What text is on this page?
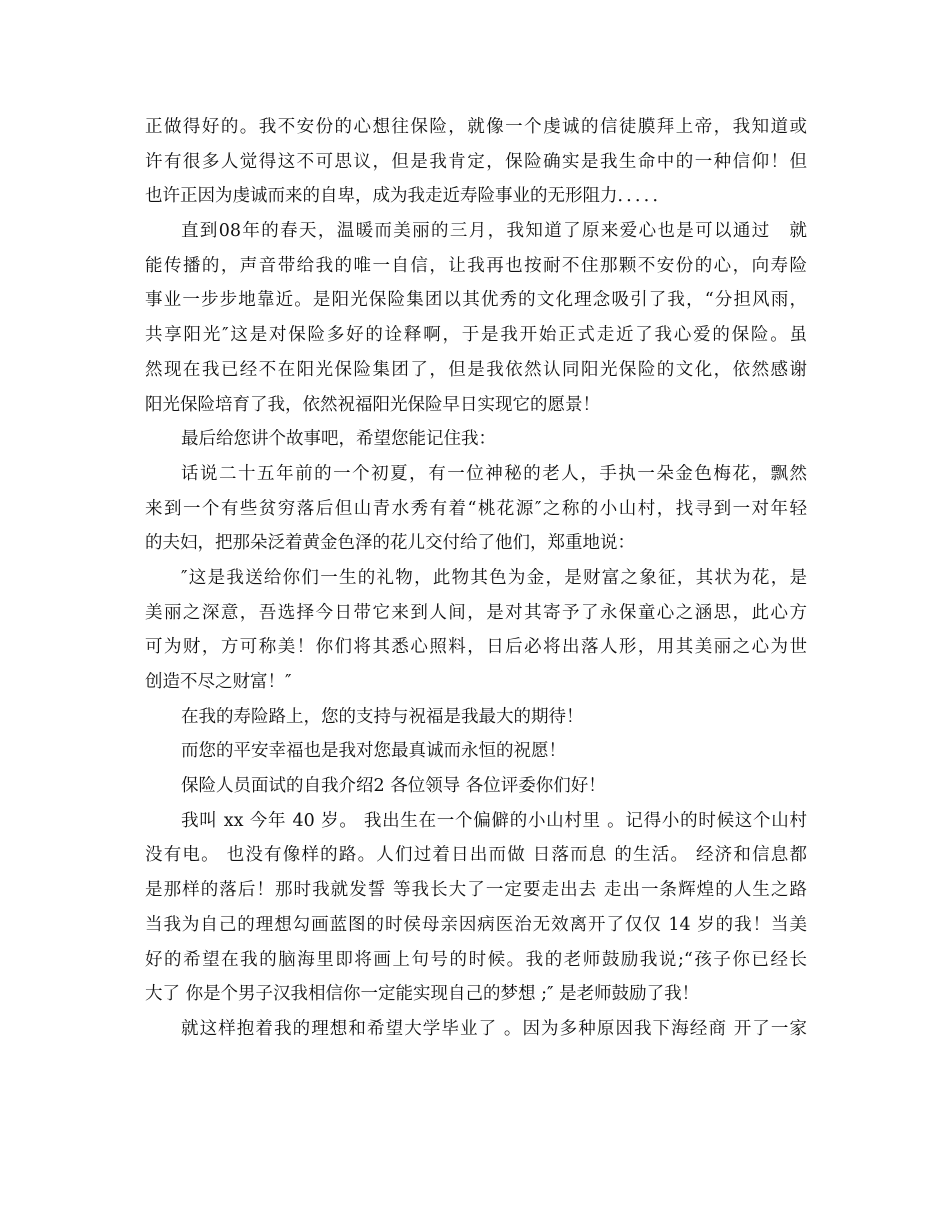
正做得好的。我不安份的心想往保险，就像一个虔诚的信徒膜拜上帝，我知道或
许有很多人觉得这不可思议，但是我肯定，保险确实是我生命中的一种信仰！但
也许正因为虔诚而来的自卑，成为我走近寿险事业的无形阻力．．．．．
直到08年的春天，温暖而美丽的三月，我知道了原来爱心也是可以通过　就
能传播的，声音带给我的唯一自信，让我再也按耐不住那颗不安份的心，向寿险
事业一步步地靠近。是阳光保险集团以其优秀的文化理念吸引了我，“分担风雨，
共享阳光″这是对保险多好的诠释啊，于是我开始正式走近了我心爱的保险。虽
然现在我已经不在阳光保险集团了，但是我依然认同阳光保险的文化，依然感谢
阳光保险培育了我，依然祝福阳光保险早日实现它的愿景！
最后给您讲个故事吧，希望您能记住我：
话说二十五年前的一个初夏，有一位神秘的老人，手执一朵金色梅花，飘然
来到一个有些贫穷落后但山青水秀有着“桃花源″之称的小山村，找寻到一对年轻
的夫妇，把那朵泛着黄金色泽的花儿交付给了他们，郑重地说：
″这是我送给你们一生的礼物，此物其色为金，是财富之象征，其状为花，是
美丽之深意，吾选择今日带它来到人间，是对其寄予了永保童心之涵思，此心方
可为财，方可称美！你们将其悉心照料，日后必将出落人形，用其美丽之心为世
创造不尽之财富！″
在我的寿险路上，您的支持与祝福是我最大的期待！
而您的平安幸福也是我对您最真诚而永恒的祝愿！
保险人员面试的自我介绍2 各位领导 各位评委你们好！
我叫 xx 今年 40 岁。 我出生在一个偏僻的小山村里 。记得小的时候这个山村
没有电。 也没有像样的路。人们过着日出而做 日落而息 的生活。 经济和信息都
是那样的落后！那时我就发誓 等我长大了一定要走出去 走出一条辉煌的人生之路
当我为自己的理想勾画蓝图的时侯母亲因病医治无效离开了仅仅 14 岁的我！当美
好的希望在我的脑海里即将画上句号的时候。我的老师鼓励我说;“孩子你已经长
大了 你是个男子汉我相信你一定能实现自己的梦想 ;″ 是老师鼓励了我！
就这样抱着我的理想和希望大学毕业了 。因为多种原因我下海经商 开了一家
